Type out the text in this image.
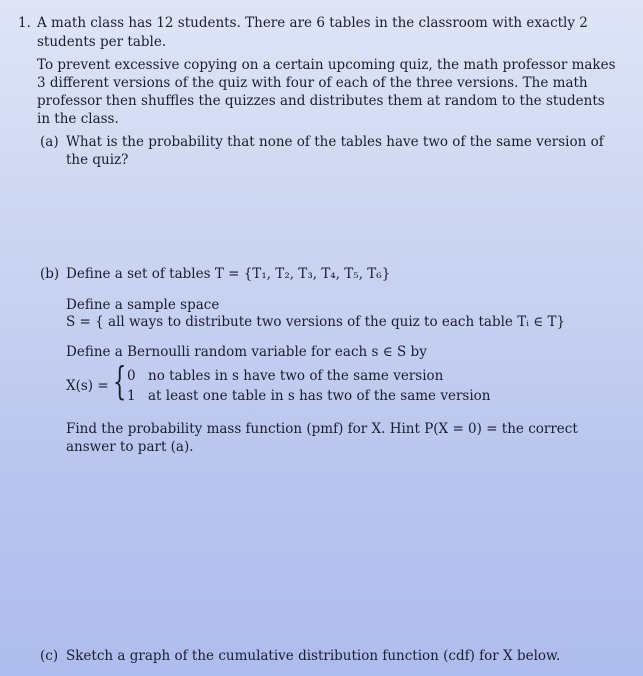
1. A math class has 12 students. There are 6 tables in the classroom with exactly 2
students per table.
To prevent excessive copying on a certain upcoming quiz, the math professor makes
3 different versions of the quiz with four of each of the three versions. The math
professor then shuffles the quizzes and distributes them at random to the students
in the class.
(a) What is the probability that none of the tables have two of the same version of
the quiz?
(b) Define a set of tables T = {T₁, T₂, T₃, T₄, T₅, T₆}
Define a sample space
S = { all ways to distribute two versions of the quiz to each table Tᵢ ∈ T}
Define a Bernoulli random variable for each s ∈ S by
X(s) = { 0 no tables in s have two of the same version
1 at least one table in s has two of the same version
Find the probability mass function (pmf) for X. Hint P(X = 0) = the correct
answer to part (a).
(c) Sketch a graph of the cumulative distribution function (cdf) for X below.
